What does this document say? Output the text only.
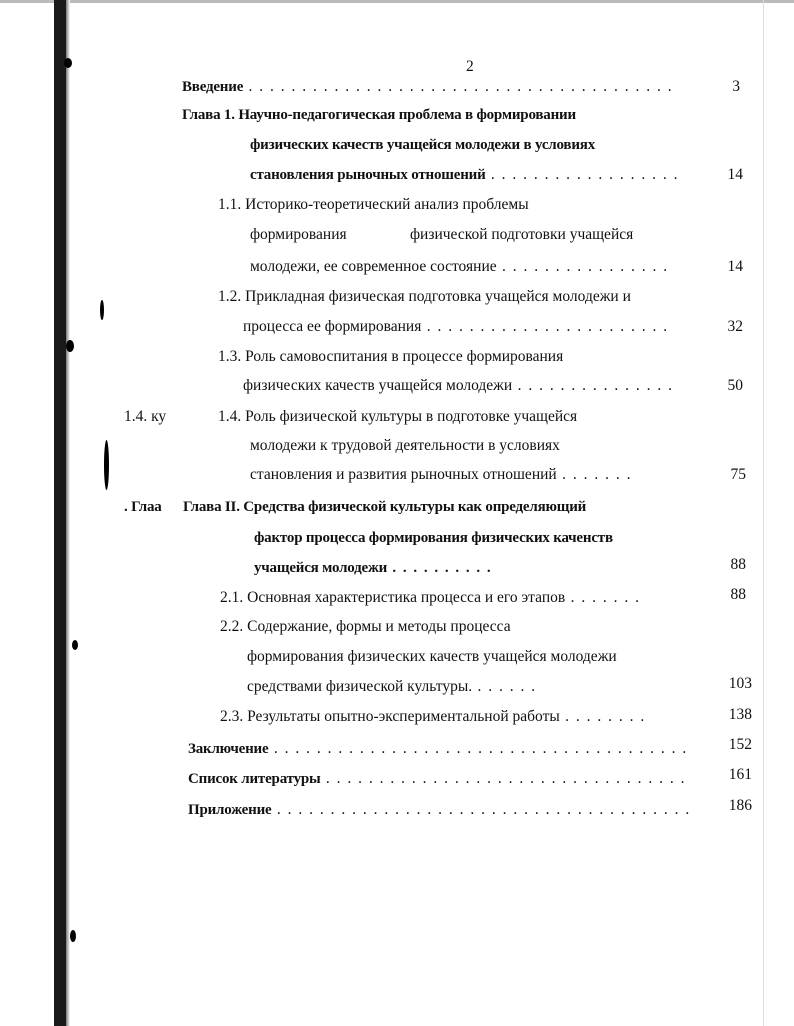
2
Введение . . . . . . . . . . . . . . . . . . . . . . . . . . . . . . . . . . . . . . . .	3
Глава 1. Научно-педагогическая проблема в формировании
физических качеств учащейся молодежи в условиях
становления рыночных отношений . . . . . . . . . . . . . . . . . .	14
1.1. Историко-теоретический анализ проблемы
формирования	физической подготовки учащейся
молодежи, ее современное состояние . . . . . . . . . . . . . . . .	14
1.2. Прикладная физическая подготовка учащейся молодежи и
процесса ее формирования . . . . . . . . . . . . . . . . . . . . . . .	32
1.3. Роль самовоспитания в процессе формирования
физических качеств учащейся молодежи . . . . . . . . . . . . . . .	50
1.4. ку	1.4. Роль физической культуры в подготовке учащейся
молодежи к трудовой деятельности в условиях
становления и развития рыночных отношений . . . . . . .	75
. Глаа Глава II. Средства физической культуры как определяющий
фактор процесса формирования физических каченств
учащейся молодежи . . . . . . . . . .	88
2.1. Основная характеристика процесса и его этапов . . . . . . .	88
2.2. Содержание, формы и методы процесса
формирования физических качеств учащейся молодежи
средствами физической культуры. . . . . . .	103
2.3. Результаты опытно-экспериментальной работы . . . . . . . .	138
Заключение . . . . . . . . . . . . . . . . . . . . . . . . . . . . . . . . . . . . . . .	152
Список литературы . . . . . . . . . . . . . . . . . . . . . . . . . . . . . . . . . .	161
Приложение . . . . . . . . . . . . . . . . . . . . . . . . . . . . . . . . . . . . . . .	186
